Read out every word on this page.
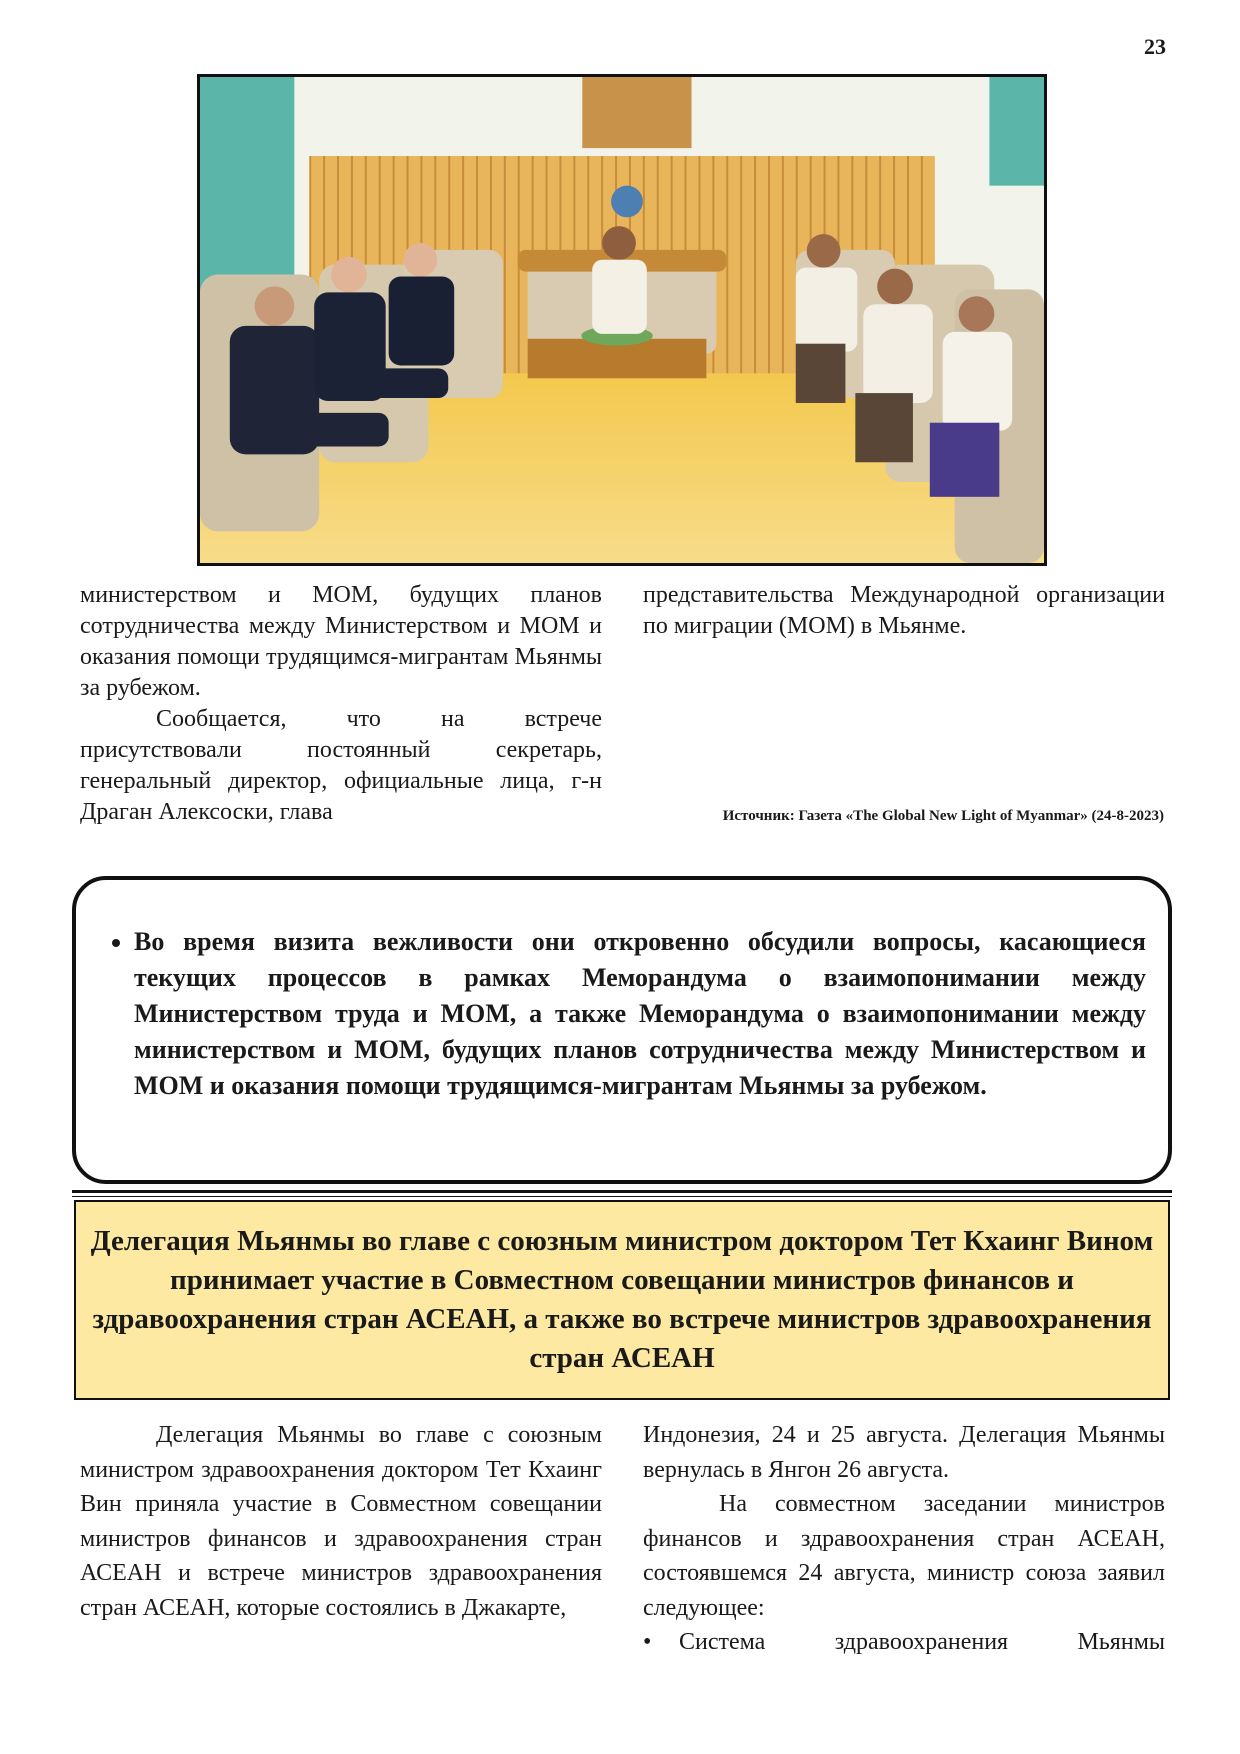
23

министерством и МОМ, будущих планов сотрудничества между Министерством и МОМ и оказания помощи трудящимся-мигрантам Мьянмы за рубежом.

Сообщается, что на встрече присутствовали постоянный секретарь, генеральный директор, официальные лица, г-н Драган Алексоски, глава

представительства Международной организации по миграции (МОМ) в Мьянме.

Источник: Газета «The Global New Light of Myanmar» (24-8-2023)
• Во время визита вежливости они откровенно обсудили вопросы, касающиеся текущих процессов в рамках Меморандума о взаимопонимании между Министерством труда и МОМ, а также Меморандума о взаимопонимании между министерством и МОМ, будущих планов сотрудничества между Министерством и МОМ и оказания помощи трудящимся-мигрантам Мьянмы за рубежом.
Делегация Мьянмы во главе с союзным министром доктором Тет Кхаинг Вином принимает участие в Совместном совещании министров финансов и здравоохранения стран АСЕАН, а также во встрече министров здравоохранения стран АСЕАН

Делегация Мьянмы во главе с союзным министром здравоохранения доктором Тет Кхаинг Вин приняла участие в Совместном совещании министров финансов и здравоохранения стран АСЕАН и встрече министров здравоохранения стран АСЕАН, которые состоялись в Джакарте,

Индонезия, 24 и 25 августа. Делегация Мьянмы вернулась в Янгон 26 августа.

На совместном заседании министров финансов и здравоохранения стран АСЕАН, состоявшемся 24 августа, министр союза заявил следующее:

•	Система здравоохранения Мьянмы
